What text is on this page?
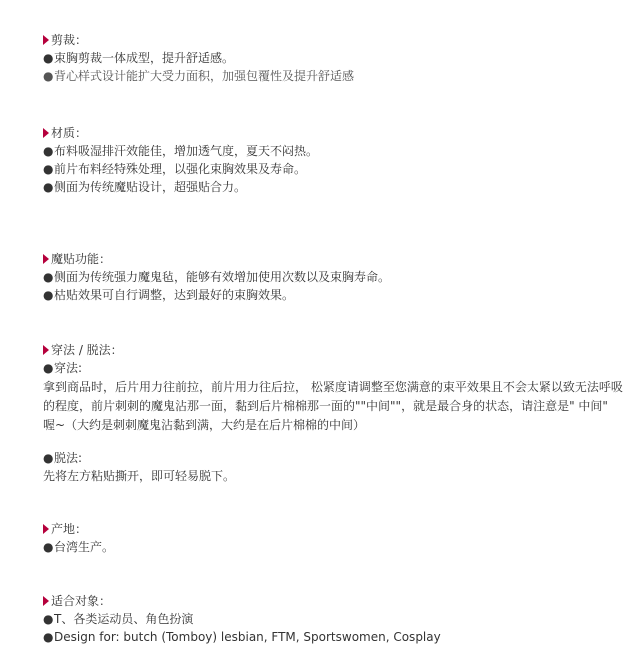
剪裁：
●束胸剪裁一体成型，提升舒适感。
●背心样式设计能扩大受力面积，加强包覆性及提升舒适感
材质：
●布料吸湿排汗效能佳，增加透气度，夏天不闷热。
●前片布料经特殊处理，以强化束胸效果及寿命。
●侧面为传统魔贴设计，超强贴合力。
魔贴功能：
●侧面为传统强力魔鬼毡，能够有效增加使用次数以及束胸寿命。
●枯贴效果可自行调整，达到最好的束胸效果。
穿法 / 脱法：
●穿法:
拿到商品时，后片用力往前拉，前片用力往后拉， 松紧度请调整至您满意的束平效果且不会太紧以致无法呼吸的程度，前片刺刺的魔鬼沾那一面，黏到后片棉棉那一面的""中间""，就是最合身的状态，请注意是" 中间" 喔~（大约是刺刺魔鬼沾黏到满，大约是在后片棉棉的中间）
●脱法:
先将左方粘贴撕开，即可轻易脱下。
产地：
●台湾生产。
适合对象：
●T、各类运动员、角色扮演
●Design for: butch (Tomboy) lesbian, FTM, Sportswomen, Cosplay
